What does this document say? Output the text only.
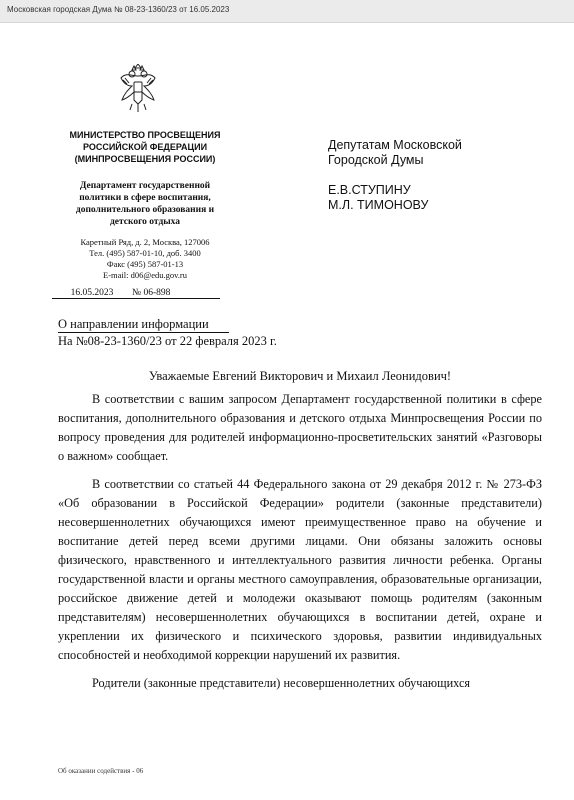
Московская городская Дума № 08-23-1360/23 от 16.05.2023
МИНИСТЕРСТВО ПРОСВЕЩЕНИЯ
РОССИЙСКОЙ ФЕДЕРАЦИИ
(МИНПРОСВЕЩЕНИЯ РОССИИ)
Департамент государственной
политики в сфере воспитания,
дополнительного образования и
детского отдыха
Каретный Ряд, д. 2, Москва, 127006
Тел. (495) 587-01-10, доб. 3400
Факс (495) 587-01-13
E-mail: d06@edu.gov.ru
16.05.2023 № 06-898
Депутатам Московской
Городской Думы
Е.В.СТУПИНУ
М.Л. ТИМОНОВУ
О направлении информации
На №08-23-1360/23 от 22 февраля 2023 г.
Уважаемые Евгений Викторович и Михаил Леонидович!

В соответствии с вашим запросом Департамент государственной политики в сфере воспитания, дополнительного образования и детского отдыха Минпросвещения России по вопросу проведения для родителей информационно-просветительских занятий «Разговоры о важном» сообщает.

В соответствии со статьей 44 Федерального закона от 29 декабря 2012 г. № 273-ФЗ «Об образовании в Российской Федерации» родители (законные представители) несовершеннолетних обучающихся имеют преимущественное право на обучение и воспитание детей перед всеми другими лицами. Они обязаны заложить основы физического, нравственного и интеллектуального развития личности ребенка. Органы государственной власти и органы местного самоуправления, образовательные организации, российское движение детей и молодежи оказывают помощь родителям (законным представителям) несовершеннолетних обучающихся в воспитании детей, охране и укреплении их физического и психического здоровья, развитии индивидуальных способностей и необходимой коррекции нарушений их развития.

Родители (законные представители) несовершеннолетних обучающихся

Об оказании содействия - 06
